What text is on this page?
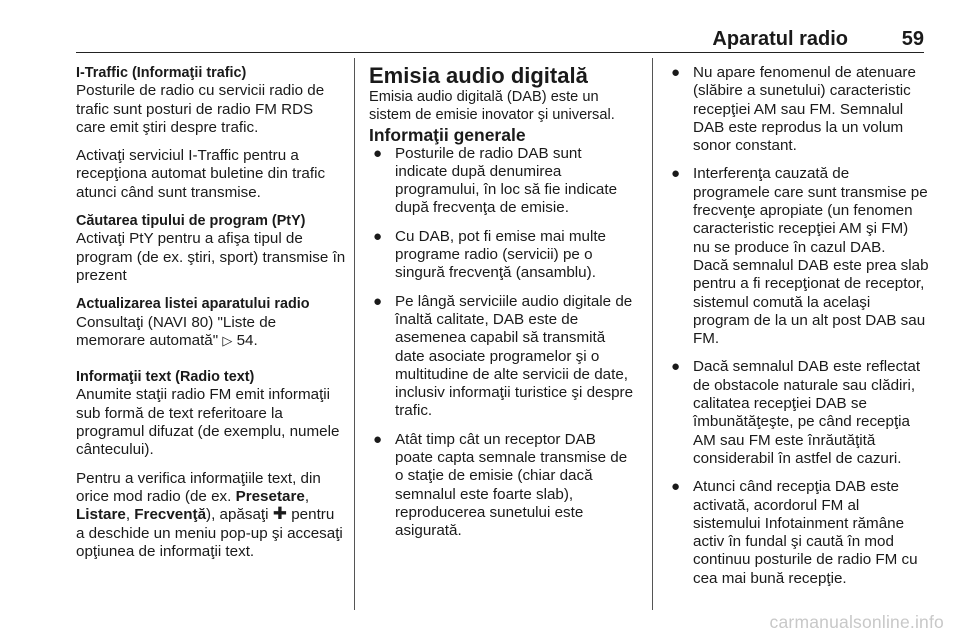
Aparatul radio	59

I-Traffic (Informaţii trafic)

Posturile de radio cu servicii radio de trafic sunt posturi de radio FM RDS care emit ştiri despre trafic.

Activaţi serviciul I-Traffic pentru a recepţiona automat buletine din trafic atunci când sunt transmise.

Căutarea tipului de program (PtY)

Activaţi PtY pentru a afişa tipul de program (de ex. ştiri, sport) transmise în prezent

Actualizarea listei aparatului radio

Consultaţi (NAVI 80) "Liste de memorare automată" ▷ 54.

Informaţii text (Radio text)

Anumite staţii radio FM emit informaţii sub formă de text referitoare la programul difuzat (de exemplu, numele cântecului).

Pentru a verifica informaţiile text, din orice mod radio (de ex. Presetare, Listare, Frecvenţă), apăsaţi ✚ pentru a deschide un meniu pop-up şi accesaţi opţiunea de informaţii text.

Emisia audio digitală

Emisia audio digitală (DAB) este un sistem de emisie inovator şi universal.

Informaţii generale

● Posturile de radio DAB sunt indicate după denumirea programului, în loc să fie indicate după frecvenţa de emisie.
● Cu DAB, pot fi emise mai multe programe radio (servicii) pe o singură frecvenţă (ansamblu).
● Pe lângă serviciile audio digitale de înaltă calitate, DAB este de asemenea capabil să transmită date asociate programelor şi o multitudine de alte servicii de date, inclusiv informaţii turistice şi despre trafic.
● Atât timp cât un receptor DAB poate capta semnale transmise de o staţie de emisie (chiar dacă semnalul este foarte slab), reproducerea sunetului este asigurată.
● Nu apare fenomenul de atenuare (slăbire a sunetului) caracteristic recepţiei AM sau FM. Semnalul DAB este reprodus la un volum sonor constant.

● Interferenţa cauzată de programele care sunt transmise pe frecvenţe apropiate (un fenomen caracteristic recepţiei AM şi FM) nu se produce în cazul DAB.

Dacă semnalul DAB este prea slab pentru a fi recepţionat de receptor, sistemul comută la acelaşi program de la un alt post DAB sau FM.

● Dacă semnalul DAB este reflectat de obstacole naturale sau clădiri, calitatea recepţiei DAB se îmbunătăţeşte, pe când recepţia AM sau FM este înrăutăţită considerabil în astfel de cazuri.

● Atunci când recepţia DAB este activată, acordorul FM al sistemului Infotainment rămâne activ în fundal şi caută în mod continuu posturile de radio FM cu cea mai bună recepţie.

carmanualsonline.info
